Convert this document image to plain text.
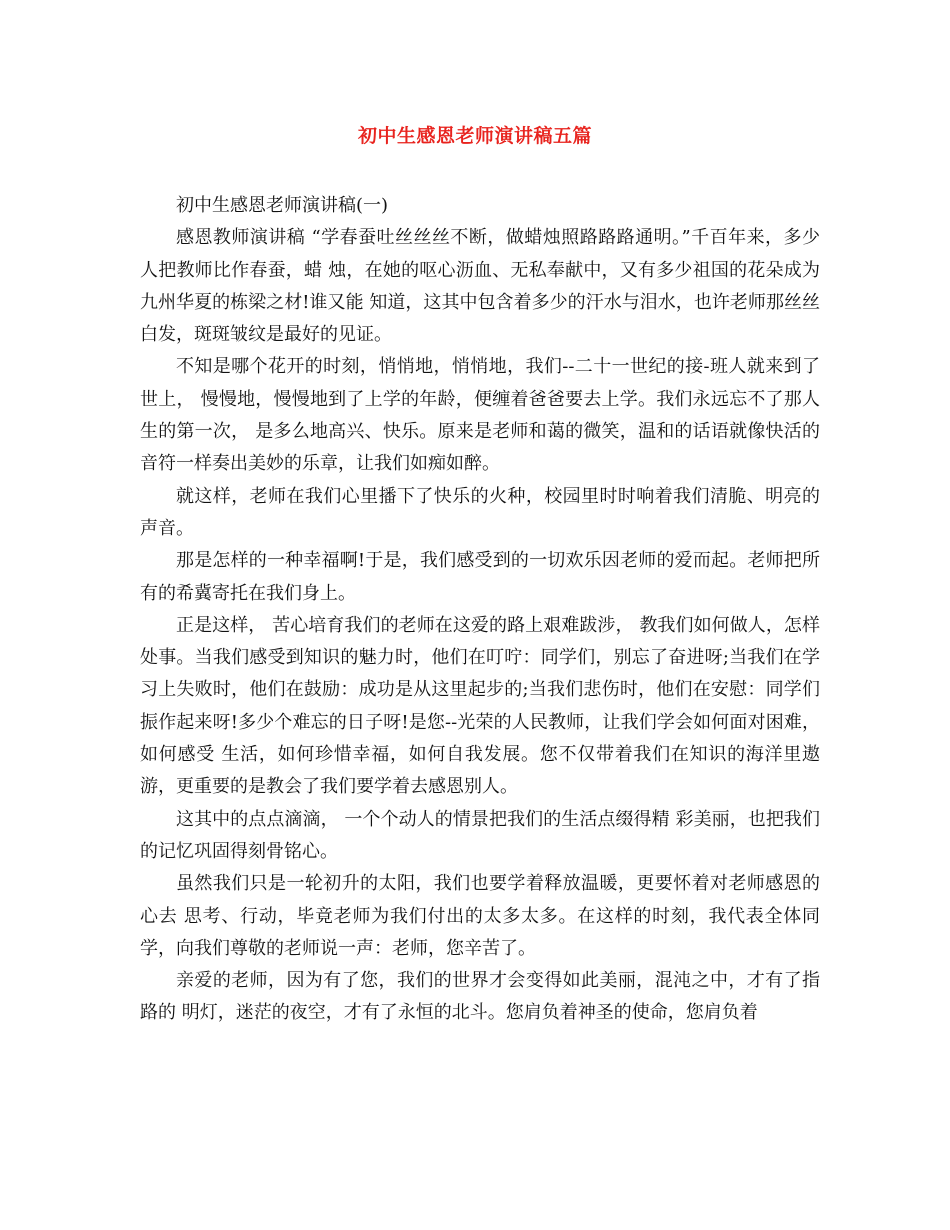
初中生感恩老师演讲稿五篇

初中生感恩老师演讲稿(一)

感恩教师演讲稿 “学春蚕吐丝丝丝不断，做蜡烛照路路路通明。”千百年来，多少人把教师比作春蚕，蜡 烛，在她的呕心沥血、无私奉献中，又有多少祖国的花朵成为九州华夏的栋梁之材!谁又能 知道，这其中包含着多少的汗水与泪水，也许老师那丝丝白发，斑斑皱纹是最好的见证。

不知是哪个花开的时刻，悄悄地，悄悄地，我们--二十一世纪的接-班人就来到了世上， 慢慢地，慢慢地到了上学的年龄，便缠着爸爸要去上学。我们永远忘不了那人生的第一次， 是多么地高兴、快乐。原来是老师和蔼的微笑，温和的话语就像快活的音符一样奏出美妙的乐章，让我们如痴如醉。

就这样，老师在我们心里播下了快乐的火种，校园里时时响着我们清脆、明亮的声音。

那是怎样的一种幸福啊!于是，我们感受到的一切欢乐因老师的爱而起。老师把所有的希冀寄托在我们身上。

正是这样， 苦心培育我们的老师在这爱的路上艰难跋涉， 教我们如何做人，怎样处事。当我们感受到知识的魅力时，他们在叮咛：同学们，别忘了奋进呀;当我们在学 习上失败时，他们在鼓励：成功是从这里起步的;当我们悲伤时，他们在安慰：同学们振作起来呀!多少个难忘的日子呀!是您--光荣的人民教师，让我们学会如何面对困难，如何感受 生活，如何珍惜幸福，如何自我发展。您不仅带着我们在知识的海洋里遨游，更重要的是教会了我们要学着去感恩别人。

这其中的点点滴滴， 一个个动人的情景把我们的生活点缀得精 彩美丽，也把我们的记忆巩固得刻骨铭心。

虽然我们只是一轮初升的太阳，我们也要学着释放温暖，更要怀着对老师感恩的心去 思考、行动，毕竟老师为我们付出的太多太多。在这样的时刻，我代表全体同学，向我们尊敬的老师说一声：老师，您辛苦了。

亲爱的老师，因为有了您，我们的世界才会变得如此美丽，混沌之中，才有了指路的 明灯，迷茫的夜空，才有了永恒的北斗。您肩负着神圣的使命，您肩负着
